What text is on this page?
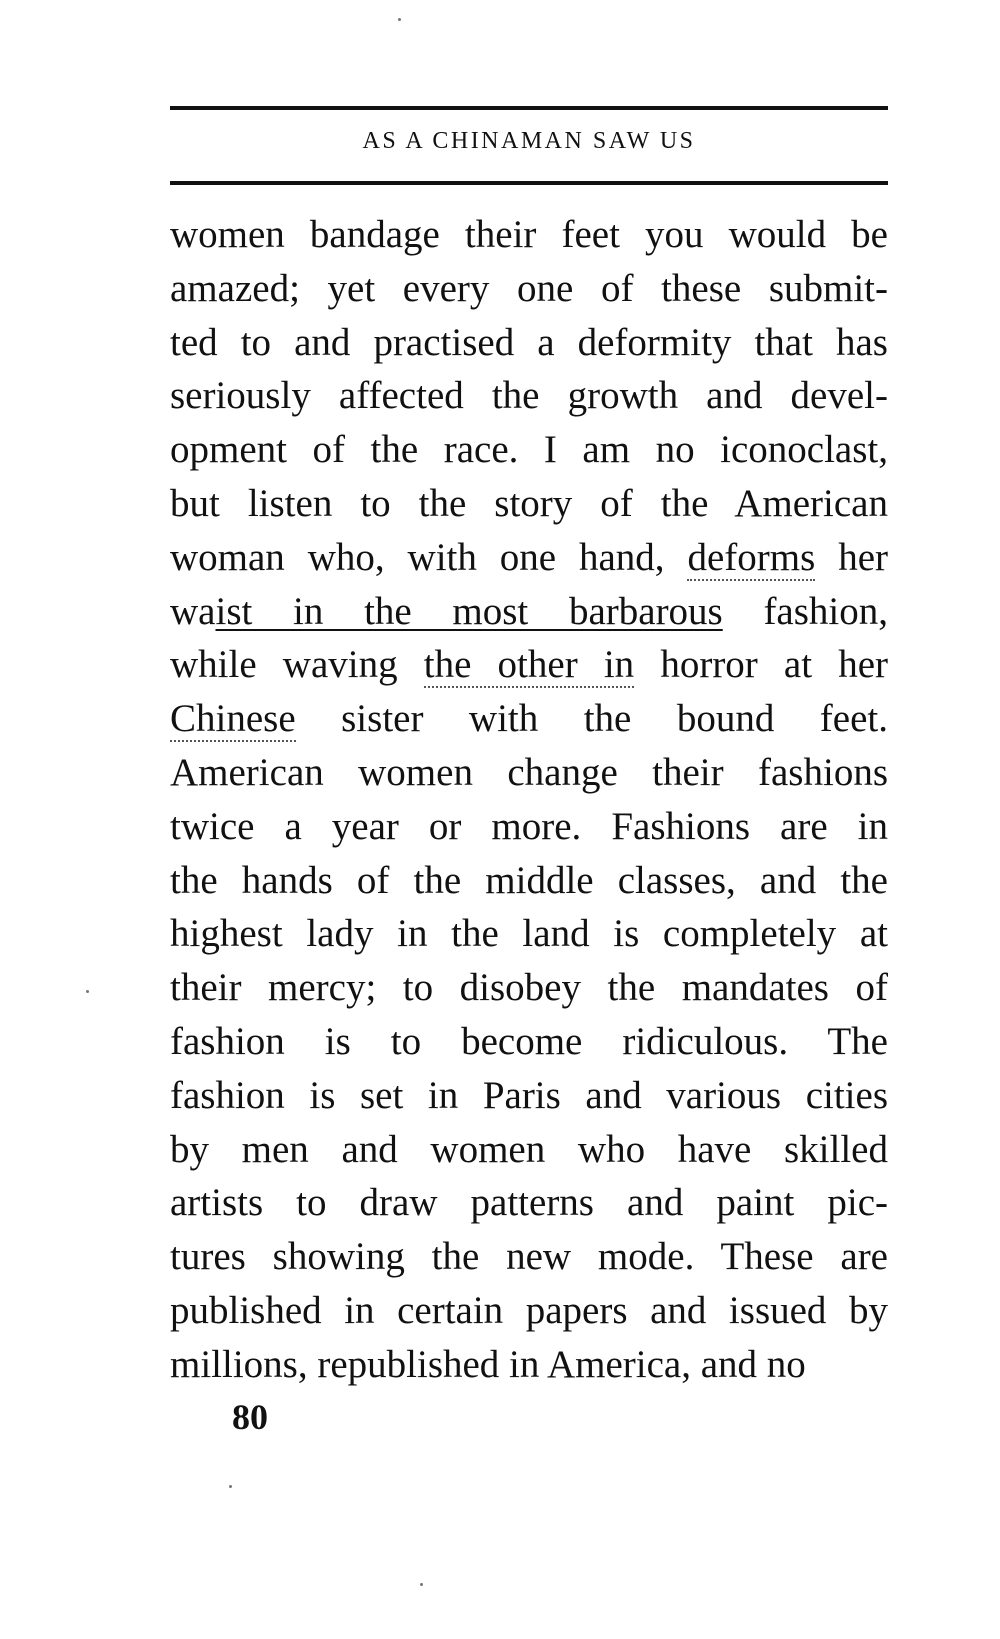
AS A CHINAMAN SAW US
women bandage their feet you would be
amazed; yet every one of these submit-
ted to and practised a deformity that has
seriously affected the growth and devel-
opment of the race. I am no iconoclast,
but listen to the story of the American
woman who, with one hand, deforms her
waist in the most barbarous fashion,
while waving the other in horror at her
Chinese sister with the bound feet.
American women change their fashions
twice a year or more. Fashions are in
the hands of the middle classes, and the
highest lady in the land is completely at
their mercy; to disobey the mandates of
fashion is to become ridiculous. The
fashion is set in Paris and various cities
by men and women who have skilled
artists to draw patterns and paint pic-
tures showing the new mode. These are
published in certain papers and issued by
millions, republished in America, and no
80
